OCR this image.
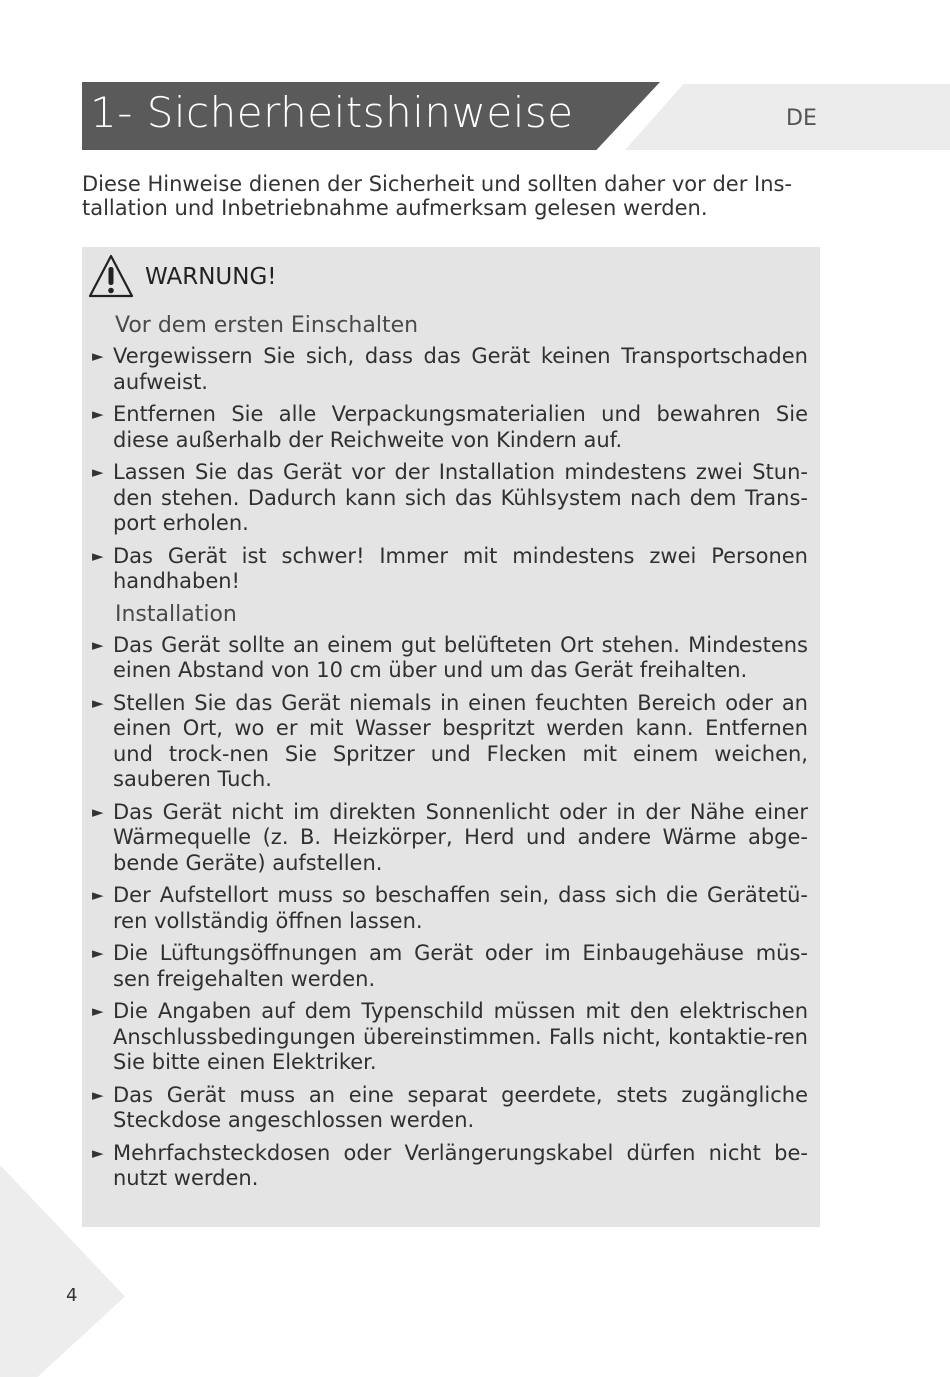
DE
1- Sicherheitshinweise
Diese Hinweise dienen der Sicherheit und sollten daher vor der Ins-tallation und Inbetriebnahme aufmerksam gelesen werden.
WARNUNG!
Vor dem ersten Einschalten
► Vergewissern Sie sich, dass das Gerät keinen Transportschaden aufweist.
► Entfernen Sie alle Verpackungsmaterialien und bewahren Sie diese außerhalb der Reichweite von Kindern auf.
► Lassen Sie das Gerät vor der Installation mindestens zwei Stun-den stehen. Dadurch kann sich das Kühlsystem nach dem Trans-port erholen.
► Das Gerät ist schwer! Immer mit mindestens zwei Personen handhaben!
Installation
► Das Gerät sollte an einem gut belüfteten Ort stehen. Mindestens einen Abstand von 10 cm über und um das Gerät freihalten.
► Stellen Sie das Gerät niemals in einen feuchten Bereich oder an einen Ort, wo er mit Wasser bespritzt werden kann. Entfernen und trock-nen Sie Spritzer und Flecken mit einem weichen, sauberen Tuch.
► Das Gerät nicht im direkten Sonnenlicht oder in der Nähe einer Wärmequelle (z. B. Heizkörper, Herd und andere Wärme abge-bende Geräte) aufstellen.
► Der Aufstellort muss so beschaffen sein, dass sich die Gerätetü-ren vollständig öffnen lassen.
► Die Lüftungsöffnungen am Gerät oder im Einbaugehäuse müs-sen freigehalten werden.
► Die Angaben auf dem Typenschild müssen mit den elektrischen Anschlussbedingungen übereinstimmen. Falls nicht, kontaktie-ren Sie bitte einen Elektriker.
► Das Gerät muss an eine separat geerdete, stets zugängliche Steckdose angeschlossen werden.
► Mehrfachsteckdosen oder Verlängerungskabel dürfen nicht be-nutzt werden.
4
